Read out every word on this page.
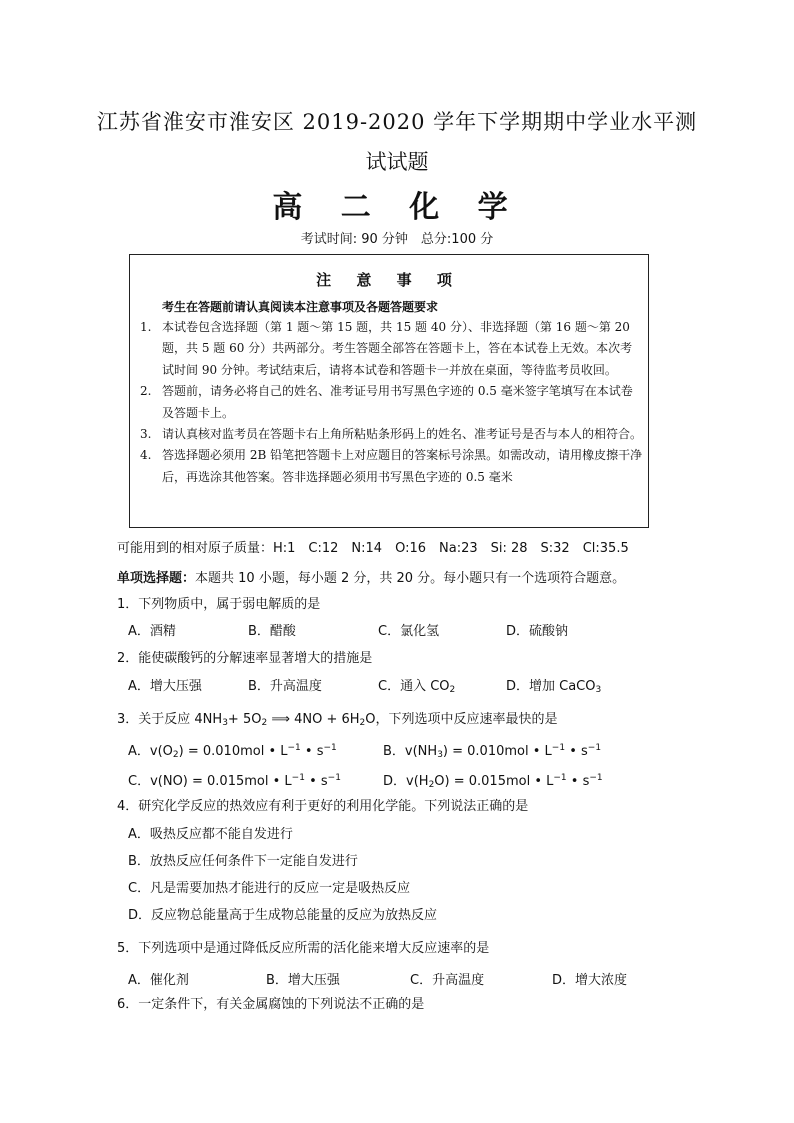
江苏省淮安市淮安区 2019-2020 学年下学期期中学业水平测
试试题
高 二 化 学
考试时间: 90 分钟　总分:100 分
注 意 事 项
考生在答题前请认真阅读本注意事项及各题答题要求
1. 本试卷包含选择题（第 1 题～第 15 题，共 15 题 40 分）、非选择题（第 16 题～第 20 题，共 5 题 60 分）共两部分。考生答题全部答在答题卡上，答在本试卷上无效。本次考试时间 90 分钟。考试结束后，请将本试卷和答题卡一并放在桌面，等待监考员收回。
2. 答题前，请务必将自己的姓名、准考证号用书写黑色字迹的 0.5 毫米签字笔填写在本试卷及答题卡上。
3. 请认真核对监考员在答题卡右上角所粘贴条形码上的姓名、准考证号是否与本人的相符合。
4. 答选择题必须用 2B 铅笔把答题卡上对应题目的答案标号涂黑。如需改动，请用橡皮擦干净后，再选涂其他答案。答非选择题必须用书写黑色字迹的 0.5 毫米
可能用到的相对原子质量：H:1　C:12　N:14　O:16　Na:23　Si: 28　S:32　Cl:35.5
单项选择题：本题共 10 小题，每小题 2 分，共 20 分。每小题只有一个选项符合题意。
1．下列物质中，属于弱电解质的是
A．酒精	B．醋酸	C．氯化氢	D．硫酸钠
2．能使碳酸钙的分解速率显著增大的措施是
A．增大压强	B．升高温度	C．通入 $CO_2$	D．增加 CaCO$_3$
3．关于反应 $4NH_3+ 5O_2$ ⟹ $4NO + 6H_2O$，下列选项中反应速率最快的是
A．$v(O_2) = 0.010mol$ • $L^{-1}$ • $s^{-1}$	B．$v(NH_3) = 0.010mol$ • $L^{-1}$ • $s^{-1}$
C．v(NO) = 0.015mol • $L^{-1}$ • $s^{-1}$	D．$v(H_2O) = 0.015mol$ • $L^{-1}$ • $s^{-1}$
4．研究化学反应的热效应有利于更好的利用化学能。下列说法正确的是
A．吸热反应都不能自发进行
B．放热反应任何条件下一定能自发进行
C．凡是需要加热才能进行的反应一定是吸热反应
D．反应物总能量高于生成物总能量的反应为放热反应
5．下列选项中是通过降低反应所需的活化能来增大反应速率的是
A．催化剂	B．增大压强	C．升高温度	D．增大浓度
6．一定条件下，有关金属腐蚀的下列说法不正确的是
